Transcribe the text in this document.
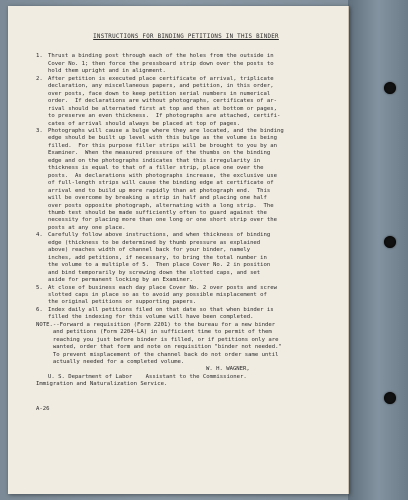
INSTRUCTIONS FOR BINDING PETITIONS IN THIS BINDER
1. Thrust a binding post through each of the holes from the outside in
Cover No. 1; then force the pressboard strip down over the posts to
hold them upright and in alignment.
2. After petition is executed place certificate of arrival, triplicate
declaration, any miscellaneous papers, and petition, in this order,
over posts, face down to keep petition serial numbers in numerical
order.  If declarations are without photographs, certificates of ar-
rival should be alternated first at top and then at bottom or pages,
to preserve an even thickness.  If photographs are attached, certifi-
cates of arrival should always be placed at top of pages.
3. Photographs will cause a bulge where they are located, and the binding
edge should be built up level with this bulge as the volume is being
filled.  For this purpose filler strips will be brought to you by an
Examiner.  When the measured pressure of the thumbs on the binding
edge and on the photographs indicates that this irregularity in
thickness is equal to that of a filler strip, place one over the
posts.  As declarations with photographs increase, the exclusive use
of full-length strips will cause the binding edge at certificate of
arrival end to build up more rapidly than at photograph end.  This
will be overcome by breaking a strip in half and placing one half
over posts opposite photograph, alternating with a long strip.  The
thumb test should be made sufficiently often to guard against the
necessity for placing more than one long or one short strip over the
posts at any one place.
4. Carefully follow above instructions, and when thickness of binding
edge (thickness to be determined by thumb pressure as explained
above) reaches width of channel back for your binder, namely
inches, add petitions, if necessary, to bring the total number in
the volume to a multiple of 5.  Then place Cover No. 2 in position
and bind temporarily by screwing down the slotted caps, and set
aside for permanent locking by an Examiner.
5. At close of business each day place Cover No. 2 over posts and screw
slotted caps in place so as to avoid any possible misplacement of
the original petitions or supporting papers.
6. Index daily all petitions filed on that date so that when binder is
filled the indexing for this volume will have been completed.
NOTE.--Forward a requisition (Form 2201) to the bureau for a new binder
and petitions (Form 2204-LA) in sufficient time to permit of them
reaching you just before binder is filled, or if petitions only are
wanted, order that form and note on requisition "binder not needed."
To prevent misplacement of the channel back do not order same until
actually needed for a completed volume.
W. H. WAGNER,
U. S. Department of Labor    Assistant to the Commissioner.
Immigration and Naturalization Service.
A-26
